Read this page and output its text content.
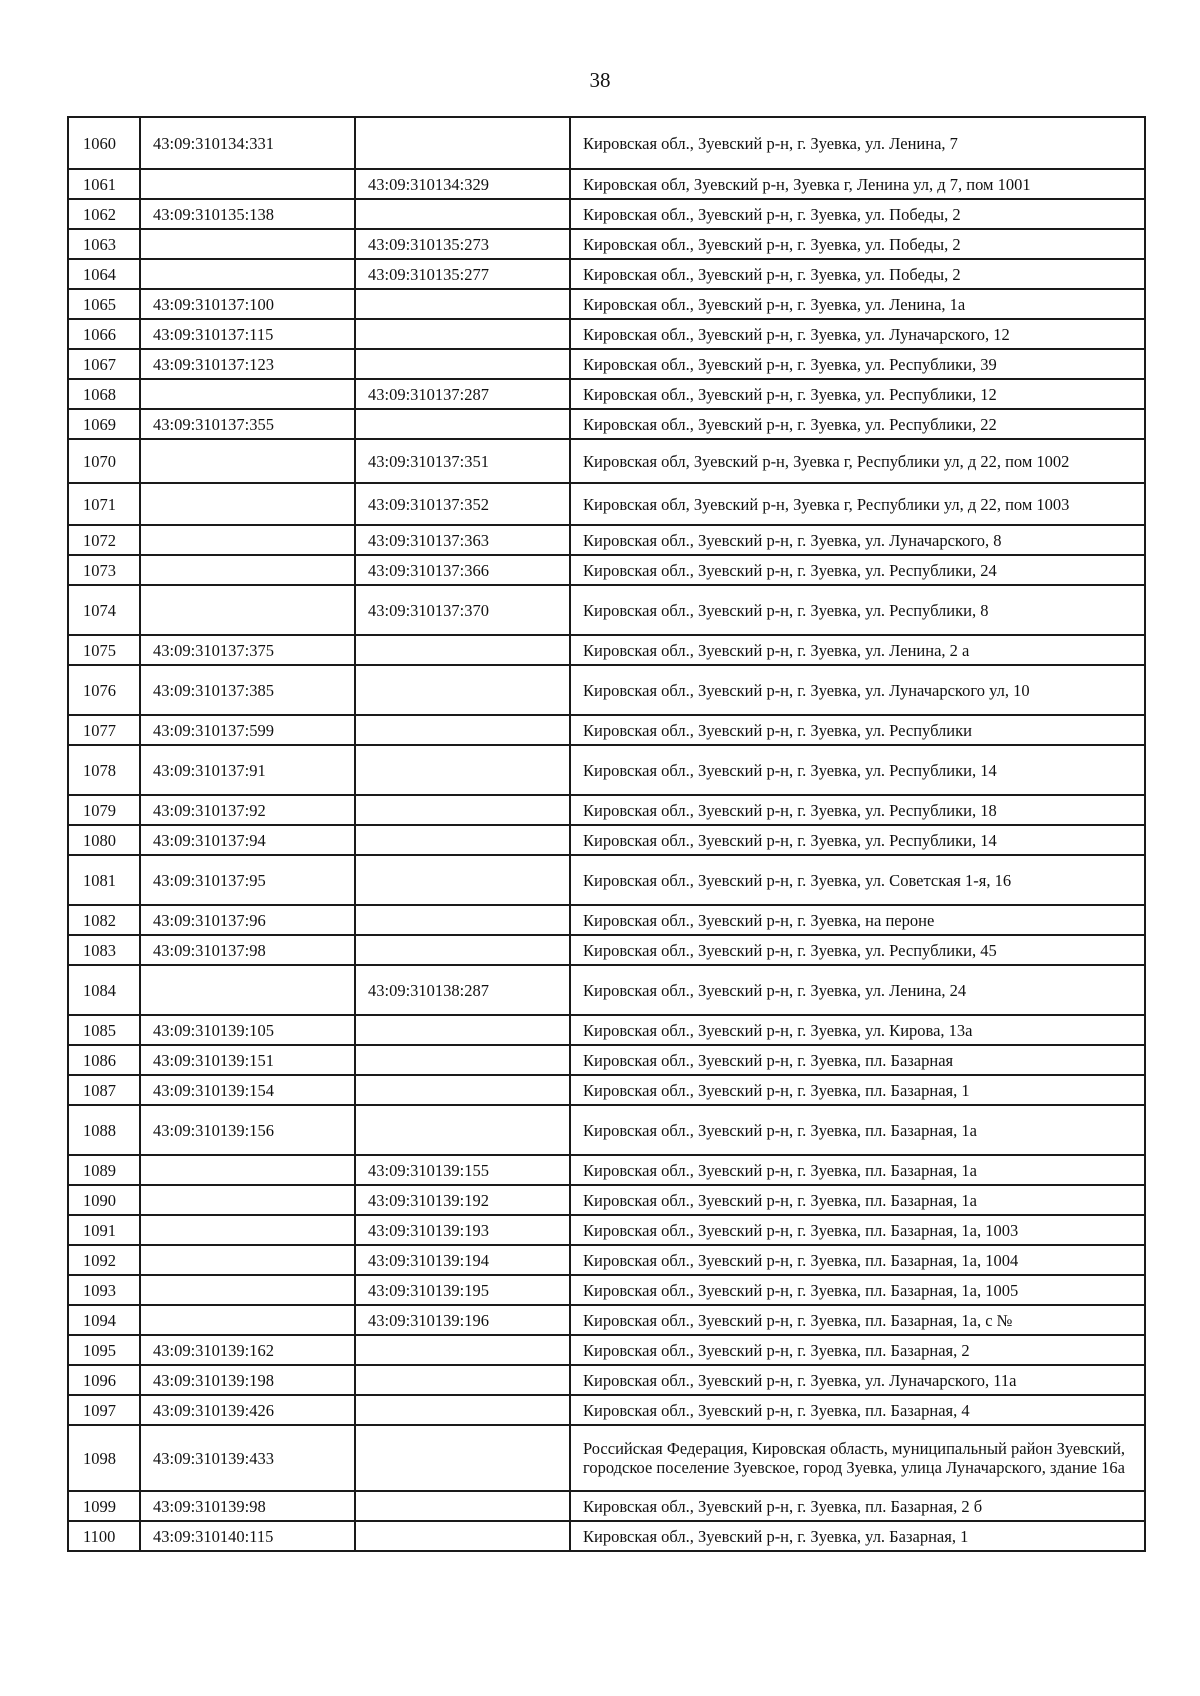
38
1060	43:09:310134:331		Кировская обл., Зуевский р-н, г. Зуевка, ул. Ленина, 7
1061		43:09:310134:329	Кировская обл, Зуевский р-н, Зуевка г, Ленина ул, д 7, пом 1001
1062	43:09:310135:138		Кировская обл., Зуевский р-н, г. Зуевка, ул. Победы, 2
1063		43:09:310135:273	Кировская обл., Зуевский р-н, г. Зуевка, ул. Победы, 2
1064		43:09:310135:277	Кировская обл., Зуевский р-н, г. Зуевка, ул. Победы, 2
1065	43:09:310137:100		Кировская обл., Зуевский р-н, г. Зуевка, ул. Ленина, 1а
1066	43:09:310137:115		Кировская обл., Зуевский р-н, г. Зуевка, ул. Луначарского, 12
1067	43:09:310137:123		Кировская обл., Зуевский р-н, г. Зуевка, ул. Республики, 39
1068		43:09:310137:287	Кировская обл., Зуевский р-н, г. Зуевка, ул. Республики, 12
1069	43:09:310137:355		Кировская обл., Зуевский р-н, г. Зуевка, ул. Республики, 22
1070		43:09:310137:351	Кировская обл, Зуевский р-н, Зуевка г, Республики ул, д 22, пом 1002
1071		43:09:310137:352	Кировская обл, Зуевский р-н, Зуевка г, Республики ул, д 22, пом 1003
1072		43:09:310137:363	Кировская обл., Зуевский р-н, г. Зуевка, ул. Луначарского, 8
1073		43:09:310137:366	Кировская обл., Зуевский р-н, г. Зуевка, ул. Республики, 24
1074		43:09:310137:370	Кировская обл., Зуевский р-н, г. Зуевка, ул. Республики, 8
1075	43:09:310137:375		Кировская обл., Зуевский р-н, г. Зуевка, ул. Ленина, 2 а
1076	43:09:310137:385		Кировская обл., Зуевский р-н, г. Зуевка, ул. Луначарского ул, 10
1077	43:09:310137:599		Кировская обл., Зуевский р-н, г. Зуевка, ул. Республики
1078	43:09:310137:91		Кировская обл., Зуевский р-н, г. Зуевка, ул. Республики, 14
1079	43:09:310137:92		Кировская обл., Зуевский р-н, г. Зуевка, ул. Республики, 18
1080	43:09:310137:94		Кировская обл., Зуевский р-н, г. Зуевка, ул. Республики, 14
1081	43:09:310137:95		Кировская обл., Зуевский р-н, г. Зуевка, ул. Советская 1-я, 16
1082	43:09:310137:96		Кировская обл., Зуевский р-н, г. Зуевка, на пероне
1083	43:09:310137:98		Кировская обл., Зуевский р-н, г. Зуевка, ул. Республики, 45
1084		43:09:310138:287	Кировская обл., Зуевский р-н, г. Зуевка, ул. Ленина, 24
1085	43:09:310139:105		Кировская обл., Зуевский р-н, г. Зуевка, ул. Кирова, 13а
1086	43:09:310139:151		Кировская обл., Зуевский р-н, г. Зуевка, пл. Базарная
1087	43:09:310139:154		Кировская обл., Зуевский р-н, г. Зуевка, пл. Базарная, 1
1088	43:09:310139:156		Кировская обл., Зуевский р-н, г. Зуевка, пл. Базарная, 1а
1089		43:09:310139:155	Кировская обл., Зуевский р-н, г. Зуевка, пл. Базарная, 1а
1090		43:09:310139:192	Кировская обл., Зуевский р-н, г. Зуевка, пл. Базарная, 1а
1091		43:09:310139:193	Кировская обл., Зуевский р-н, г. Зуевка, пл. Базарная, 1а, 1003
1092		43:09:310139:194	Кировская обл., Зуевский р-н, г. Зуевка, пл. Базарная, 1а, 1004
1093		43:09:310139:195	Кировская обл., Зуевский р-н, г. Зуевка, пл. Базарная, 1а, 1005
1094		43:09:310139:196	Кировская обл., Зуевский р-н, г. Зуевка, пл. Базарная, 1а, с №
1095	43:09:310139:162		Кировская обл., Зуевский р-н, г. Зуевка, пл. Базарная, 2
1096	43:09:310139:198		Кировская обл., Зуевский р-н, г. Зуевка, ул. Луначарского, 11а
1097	43:09:310139:426		Кировская обл., Зуевский р-н, г. Зуевка, пл. Базарная, 4
1098	43:09:310139:433		Российская Федерация, Кировская область, муниципальный район Зуевский, городское поселение Зуевское, город Зуевка, улица Луначарского, здание 16а
1099	43:09:310139:98		Кировская обл., Зуевский р-н, г. Зуевка, пл. Базарная, 2 б
1100	43:09:310140:115		Кировская обл., Зуевский р-н, г. Зуевка, ул. Базарная, 1
